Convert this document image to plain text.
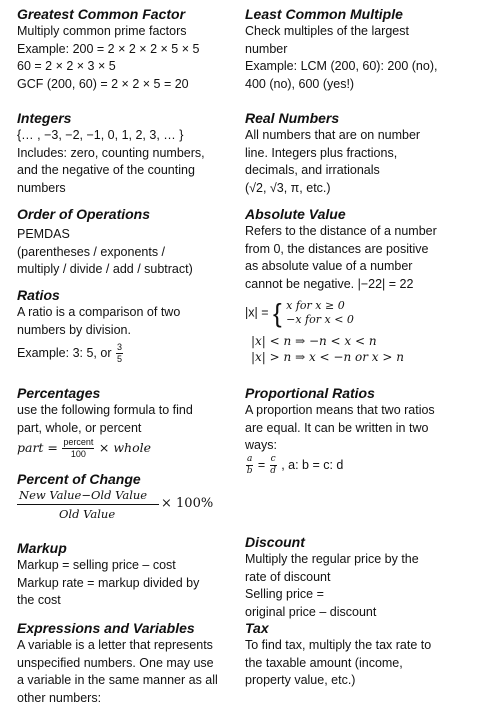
Greatest Common Factor

Multiply common prime factors

Example: 200 = 2 × 2 × 2 × 5 × 5

60 = 2 × 2 × 3 × 5

GCF (200, 60) = 2 × 2 × 5 = 20

Integers

{… , −3, −2, −1, 0, 1, 2, 3, … }

Includes: zero, counting numbers,

and the negative of the counting

numbers

Order of Operations

PEMDAS

(parentheses / exponents /

multiply / divide / add / subtract)

Ratios

A ratio is a comparison of two

numbers by division.

Example: 3: 5, or $\frac{3}{5}$

Percentages

use the following formula to find

part, whole, or percent

part = $\frac{\text{percent}}{100}$ × whole

Percent of Change

New Value−Old Value
Old Value
× 100%

Markup

Markup = selling price – cost

Markup rate = markup divided by

the cost

Expressions and Variables

A variable is a letter that represents

unspecified numbers. One may use

a variable in the same manner as all

other numbers:

Least Common Multiple

Check multiples of the largest

number

Example: LCM (200, 60): 200 (no),

400 (no), 600 (yes!)

Real Numbers

All numbers that are on number

line. Integers plus fractions,

decimals, and irrationals

(√2, √3, π, etc.)

Absolute Value

Refers to the distance of a number

from 0, the distances are positive

as absolute value of a number

cannot be negative. |−22| = 22

|x| = { x for x ≥ 0
−x for x < 0

|x| < n ⇒ −n < x < n

|x| > n ⇒ x < −n or x > n

Proportional Ratios

A proportion means that two ratios

are equal. It can be written in two

ways:

$\frac{a}{b} = \frac{c}{d}$ , a: b = c: d

Discount

Multiply the regular price by the

rate of discount

Selling price =

original price – discount

Tax

To find tax, multiply the tax rate to

the taxable amount (income,

property value, etc.)
